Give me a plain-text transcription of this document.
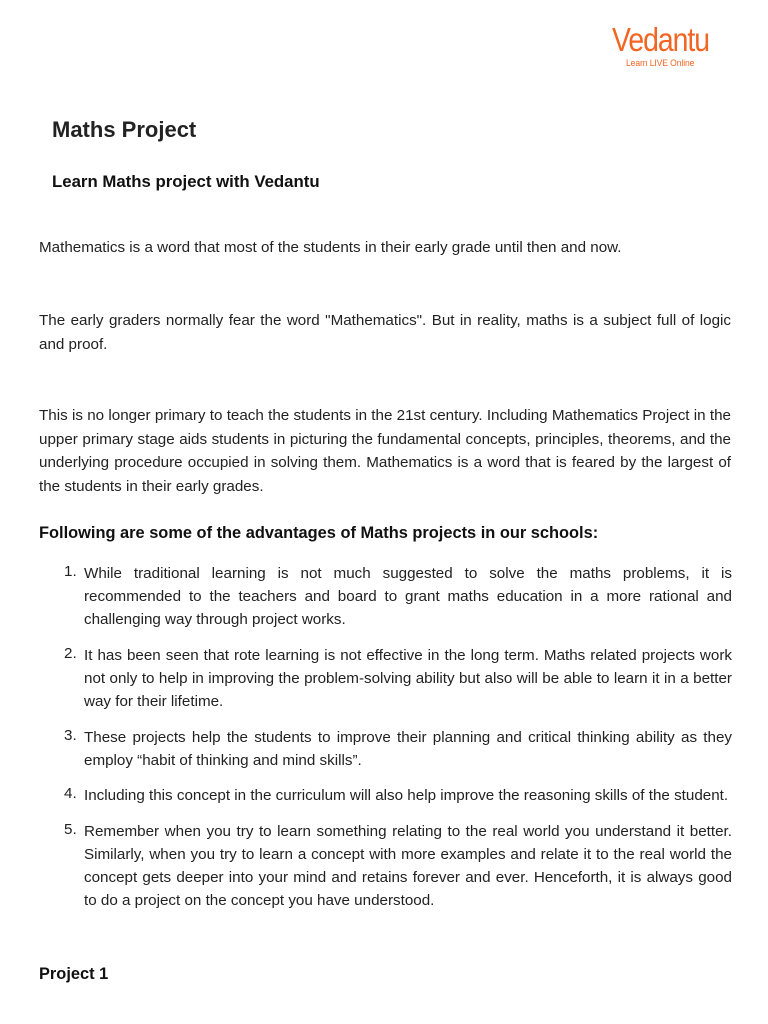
Vedantu
Learn LIVE Online
Maths Project
Learn Maths project with Vedantu

Mathematics is a word that most of the students in their early grade until then and now.

The early graders normally fear the word "Mathematics". But in reality, maths is a subject full of logic and proof.

This is no longer primary to teach the students in the 21st century. Including Mathematics Project in the upper primary stage aids students in picturing the fundamental concepts, principles, theorems, and the underlying procedure occupied in solving them. Mathematics is a word that is feared by the largest of the students in their early grades.

Following are some of the advantages of Maths projects in our schools:
1. While traditional learning is not much suggested to solve the maths problems, it is recommended to the teachers and board to grant maths education in a more rational and challenging way through project works.
2. It has been seen that rote learning is not effective in the long term. Maths related projects work not only to help in improving the problem-solving ability but also will be able to learn it in a better way for their lifetime.
3. These projects help the students to improve their planning and critical thinking ability as they employ “habit of thinking and mind skills”.
4. Including this concept in the curriculum will also help improve the reasoning skills of the student.
5. Remember when you try to learn something relating to the real world you understand it better. Similarly, when you try to learn a concept with more examples and relate it to the real world the concept gets deeper into your mind and retains forever and ever. Henceforth, it is always good to do a project on the concept you have understood.
Project 1
